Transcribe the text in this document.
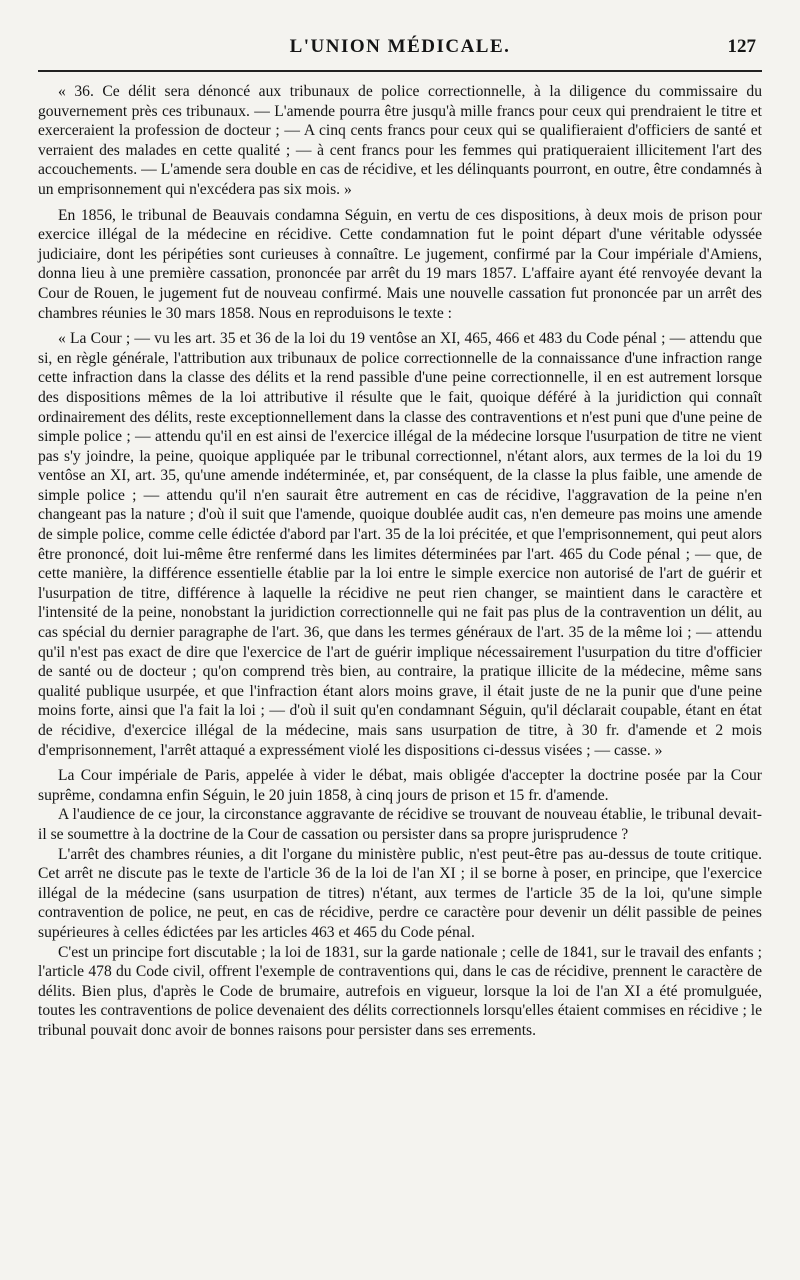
L'UNION MÉDICALE.	127

« 36. Ce délit sera dénoncé aux tribunaux de police correctionnelle, à la diligence du commissaire du gouvernement près ces tribunaux. — L'amende pourra être jusqu'à mille francs pour ceux qui prendraient le titre et exerceraient la profession de docteur ; — A cinq cents francs pour ceux qui se qualifieraient d'officiers de santé et verraient des malades en cette qualité ; — à cent francs pour les femmes qui pratiqueraient illicitement l'art des accouchements. — L'amende sera double en cas de récidive, et les délinquants pourront, en outre, être condamnés à un emprisonnement qui n'excédera pas six mois. »

En 1856, le tribunal de Beauvais condamna Séguin, en vertu de ces dispositions, à deux mois de prison pour exercice illégal de la médecine en récidive. Cette condamnation fut le point départ d'une véritable odyssée judiciaire, dont les péripéties sont curieuses à connaître. Le jugement, confirmé par la Cour impériale d'Amiens, donna lieu à une première cassation, prononcée par arrêt du 19 mars 1857. L'affaire ayant été renvoyée devant la Cour de Rouen, le jugement fut de nouveau confirmé. Mais une nouvelle cassation fut prononcée par un arrêt des chambres réunies le 30 mars 1858. Nous en reproduisons le texte :

« La Cour ; — vu les art. 35 et 36 de la loi du 19 ventôse an XI, 465, 466 et 483 du Code pénal ; — attendu que si, en règle générale, l'attribution aux tribunaux de police correctionnelle de la connaissance d'une infraction range cette infraction dans la classe des délits et la rend passible d'une peine correctionnelle, il en est autrement lorsque des dispositions mêmes de la loi attributive il résulte que le fait, quoique déféré à la juridiction qui connaît ordinairement des délits, reste exceptionnellement dans la classe des contraventions et n'est puni que d'une peine de simple police ; — attendu qu'il en est ainsi de l'exercice illégal de la médecine lorsque l'usurpation de titre ne vient pas s'y joindre, la peine, quoique appliquée par le tribunal correctionnel, n'étant alors, aux termes de la loi du 19 ventôse an XI, art. 35, qu'une amende indéterminée, et, par conséquent, de la classe la plus faible, une amende de simple police ; — attendu qu'il n'en saurait être autrement en cas de récidive, l'aggravation de la peine n'en changeant pas la nature ; d'où il suit que l'amende, quoique doublée audit cas, n'en demeure pas moins une amende de simple police, comme celle édictée d'abord par l'art. 35 de la loi précitée, et que l'emprisonnement, qui peut alors être prononcé, doit lui-même être renfermé dans les limites déterminées par l'art. 465 du Code pénal ; — que, de cette manière, la différence essentielle établie par la loi entre le simple exercice non autorisé de l'art de guérir et l'usurpation de titre, différence à laquelle la récidive ne peut rien changer, se maintient dans le caractère et l'intensité de la peine, nonobstant la juridiction correctionnelle qui ne fait pas plus de la contravention un délit, au cas spécial du dernier paragraphe de l'art. 36, que dans les termes généraux de l'art. 35 de la même loi ; — attendu qu'il n'est pas exact de dire que l'exercice de l'art de guérir implique nécessairement l'usurpation du titre d'officier de santé ou de docteur ; qu'on comprend très bien, au contraire, la pratique illicite de la médecine, même sans qualité publique usurpée, et que l'infraction étant alors moins grave, il était juste de ne la punir que d'une peine moins forte, ainsi que l'a fait la loi ; — d'où il suit qu'en condamnant Séguin, qu'il déclarait coupable, étant en état de récidive, d'exercice illégal de la médecine, mais sans usurpation de titre, à 30 fr. d'amende et 2 mois d'emprisonnement, l'arrêt attaqué a expressément violé les dispositions ci-dessus visées ; — casse. »

La Cour impériale de Paris, appelée à vider le débat, mais obligée d'accepter la doctrine posée par la Cour suprême, condamna enfin Séguin, le 20 juin 1858, à cinq jours de prison et 15 fr. d'amende.

A l'audience de ce jour, la circonstance aggravante de récidive se trouvant de nouveau établie, le tribunal devait-il se soumettre à la doctrine de la Cour de cassation ou persister dans sa propre jurisprudence ?

L'arrêt des chambres réunies, a dit l'organe du ministère public, n'est peut-être pas au-dessus de toute critique. Cet arrêt ne discute pas le texte de l'article 36 de la loi de l'an XI ; il se borne à poser, en principe, que l'exercice illégal de la médecine (sans usurpation de titres) n'étant, aux termes de l'article 35 de la loi, qu'une simple contravention de police, ne peut, en cas de récidive, perdre ce caractère pour devenir un délit passible de peines supérieures à celles édictées par les articles 463 et 465 du Code pénal.

C'est un principe fort discutable ; la loi de 1831, sur la garde nationale ; celle de 1841, sur le travail des enfants ; l'article 478 du Code civil, offrent l'exemple de contraventions qui, dans le cas de récidive, prennent le caractère de délits. Bien plus, d'après le Code de brumaire, autrefois en vigueur, lorsque la loi de l'an XI a été promulguée, toutes les contraventions de police devenaient des délits correctionnels lorsqu'elles étaient commises en récidive ; le tribunal pouvait donc avoir de bonnes raisons pour persister dans ses errements.
